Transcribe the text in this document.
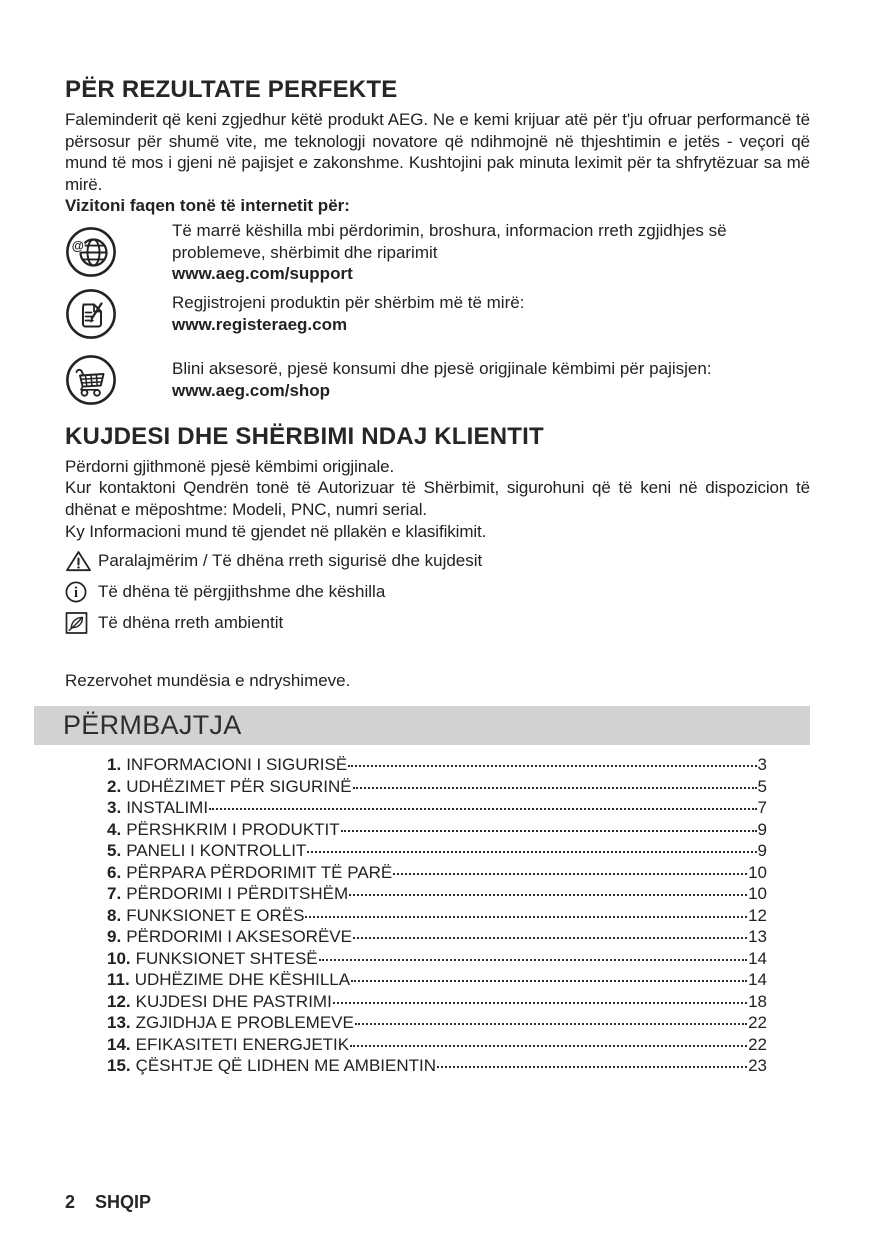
PËR REZULTATE PERFEKTE

Faleminderit që keni zgjedhur këtë produkt AEG. Ne e kemi krijuar atë për t'ju ofruar performancë të përsosur për shumë vite, me teknologji novatore që ndihmojnë në thjeshtimin e jetës - veçori që mund të mos i gjeni në pajisjet e zakonshme. Kushtojini pak minuta leximit për ta shfrytëzuar sa më mirë.

Vizitoni faqen tonë të internetit për:

@

Të marrë këshilla mbi përdorimin, broshura, informacion rreth zgjidhjes së problemeve, shërbimit dhe riparimit

www.aeg.com/support

Regjistrojeni produktin për shërbim më të mirë:

www.registeraeg.com

Blini aksesorë, pjesë konsumi dhe pjesë origjinale këmbimi për pajisjen:

www.aeg.com/shop

KUJDESI DHE SHËRBIMI NDAJ KLIENTIT

Përdorni gjithmonë pjesë këmbimi origjinale.

Kur kontaktoni Qendrën tonë të Autorizuar të Shërbimit, sigurohuni që të keni në dispozicion të dhënat e mëposhtme: Modeli, PNC, numri serial.

Ky Informacioni mund të gjendet në pllakën e klasifikimit.

Paralajmërim / Të dhëna rreth sigurisë dhe kujdesit

i Të dhëna të përgjithshme dhe këshilla

Të dhëna rreth ambientit

Rezervohet mundësia e ndryshimeve.

PËRMBAJTJA
1. INFORMACIONI I SIGURISË	3
2. UDHËZIMET PËR SIGURINË	5
3. INSTALIMI	7
4. PËRSHKRIM I PRODUKTIT	9
5. PANELI I KONTROLLIT	9
6. PËRPARA PËRDORIMIT TË PARË	10
7. PËRDORIMI I PËRDITSHËM	10
8. FUNKSIONET E ORËS	12
9. PËRDORIMI I AKSESORËVE	13
10. FUNKSIONET SHTESË	14
11. UDHËZIME DHE KËSHILLA	14
12. KUJDESI DHE PASTRIMI	18
13. ZGJIDHJA E PROBLEMEVE	22
14. EFIKASITETI ENERGJETIK	22
15. ÇËSHTJE QË LIDHEN ME AMBIENTIN	23
2 SHQIP
